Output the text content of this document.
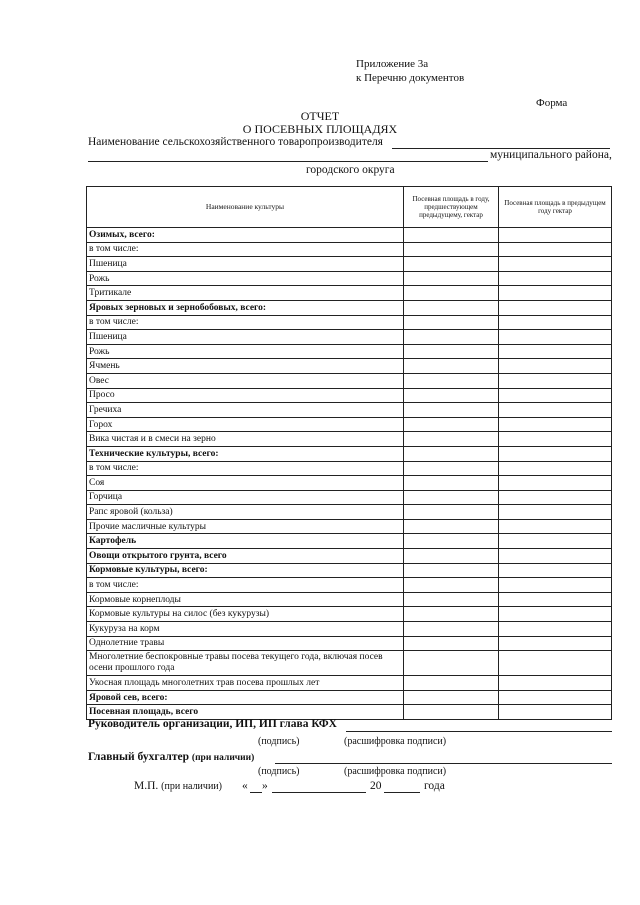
Приложение 3а
к Перечню документов
Форма
ОТЧЕТ
О ПОСЕВНЫХ ПЛОЩАДЯХ
Наименование сельскохозяйственного товаропроизводителя
муниципального района,
городского округа
Наименование культуры	Посевная площадь в году, предшествующем предыдущему, гектар	Посевная площадь в предыдущем году гектар
Озимых, всего:		
в том числе:		
Пшеница		
Рожь		
Тритикале		
Яровых зерновых и зернобобовых, всего:		
в том числе:		
Пшеница		
Рожь		
Ячмень		
Овес		
Просо		
Гречиха		
Горох		
Вика чистая и в смеси на зерно		
Технические культуры, всего:		
в том числе:		
Соя		
Горчица		
Рапс яровой (кольза)		
Прочие масличные культуры		
Картофель		
Овощи открытого грунта, всего		
Кормовые культуры, всего:		
в том числе:		
Кормовые корнеплоды		
Кормовые культуры на силос (без кукурузы)		
Кукуруза на корм		
Однолетние травы		
Многолетние беспокровные травы посева текущего года, включая посев осени прошлого года		
Укосная площадь многолетних трав посева прошлых лет		
Яровой сев, всего:		
Посевная площадь, всего		
Руководитель организации, ИП, ИП глава КФХ
(подпись)	(расшифровка подписи)
Главный бухгалтер (при наличии)
(подпись)	(расшифровка подписи)
М.П. (при наличии) « »	20	года
